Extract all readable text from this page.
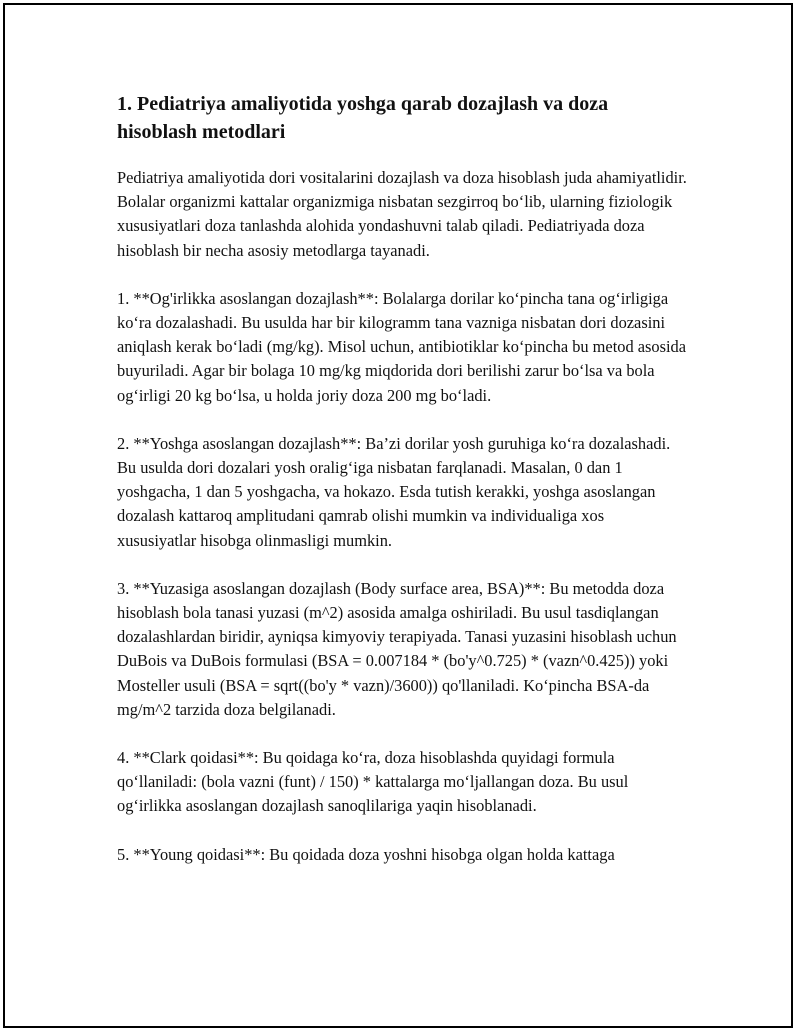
1. Pediatriya amaliyotida yoshga qarab dozajlash va doza hisoblash metodlari

Pediatriya amaliyotida dori vositalarini dozajlash va doza hisoblash juda ahamiyatlidir. Bolalar organizmi kattalar organizmiga nisbatan sezgirroq bo‘lib, ularning fiziologik xususiyatlari doza tanlashda alohida yondashuvni talab qiladi. Pediatriyada doza hisoblash bir necha asosiy metodlarga tayanadi.

1. **Og'irlikka asoslangan dozajlash**: Bolalarga dorilar ko‘pincha tana og‘irligiga ko‘ra dozalashadi. Bu usulda har bir kilogramm tana vazniga nisbatan dori dozasini aniqlash kerak bo‘ladi (mg/kg). Misol uchun, antibiotiklar ko‘pincha bu metod asosida buyuriladi. Agar bir bolaga 10 mg/kg miqdorida dori berilishi zarur bo‘lsa va bola og‘irligi 20 kg bo‘lsa, u holda joriy doza 200 mg bo‘ladi.

2. **Yoshga asoslangan dozajlash**: Ba’zi dorilar yosh guruhiga ko‘ra dozalashadi. Bu usulda dori dozalari yosh oralig‘iga nisbatan farqlanadi. Masalan, 0 dan 1 yoshgacha, 1 dan 5 yoshgacha, va hokazo. Esda tutish kerakki, yoshga asoslangan dozalash kattaroq amplitudani qamrab olishi mumkin va individualiga xos xususiyatlar hisobga olinmasligi mumkin.

3. **Yuzasiga asoslangan dozajlash (Body surface area, BSA)**: Bu metodda doza hisoblash bola tanasi yuzasi (m^2) asosida amalga oshiriladi. Bu usul tasdiqlangan dozalashlardan biridir, ayniqsa kimyoviy terapiyada. Tanasi yuzasini hisoblash uchun DuBois va DuBois formulasi (BSA = 0.007184 * (bo'y^0.725) * (vazn^0.425)) yoki Mosteller usuli (BSA = sqrt((bo'y * vazn)/3600)) qo'llaniladi. Ko‘pincha BSA-da mg/m^2 tarzida doza belgilanadi.

4. **Clark qoidasi**: Bu qoidaga ko‘ra, doza hisoblashda quyidagi formula qo‘llaniladi: (bola vazni (funt) / 150) * kattalarga mo‘ljallangan doza. Bu usul og‘irlikka asoslangan dozajlash sanoqlilariga yaqin hisoblanadi.

5. **Young qoidasi**: Bu qoidada doza yoshni hisobga olgan holda kattaga
